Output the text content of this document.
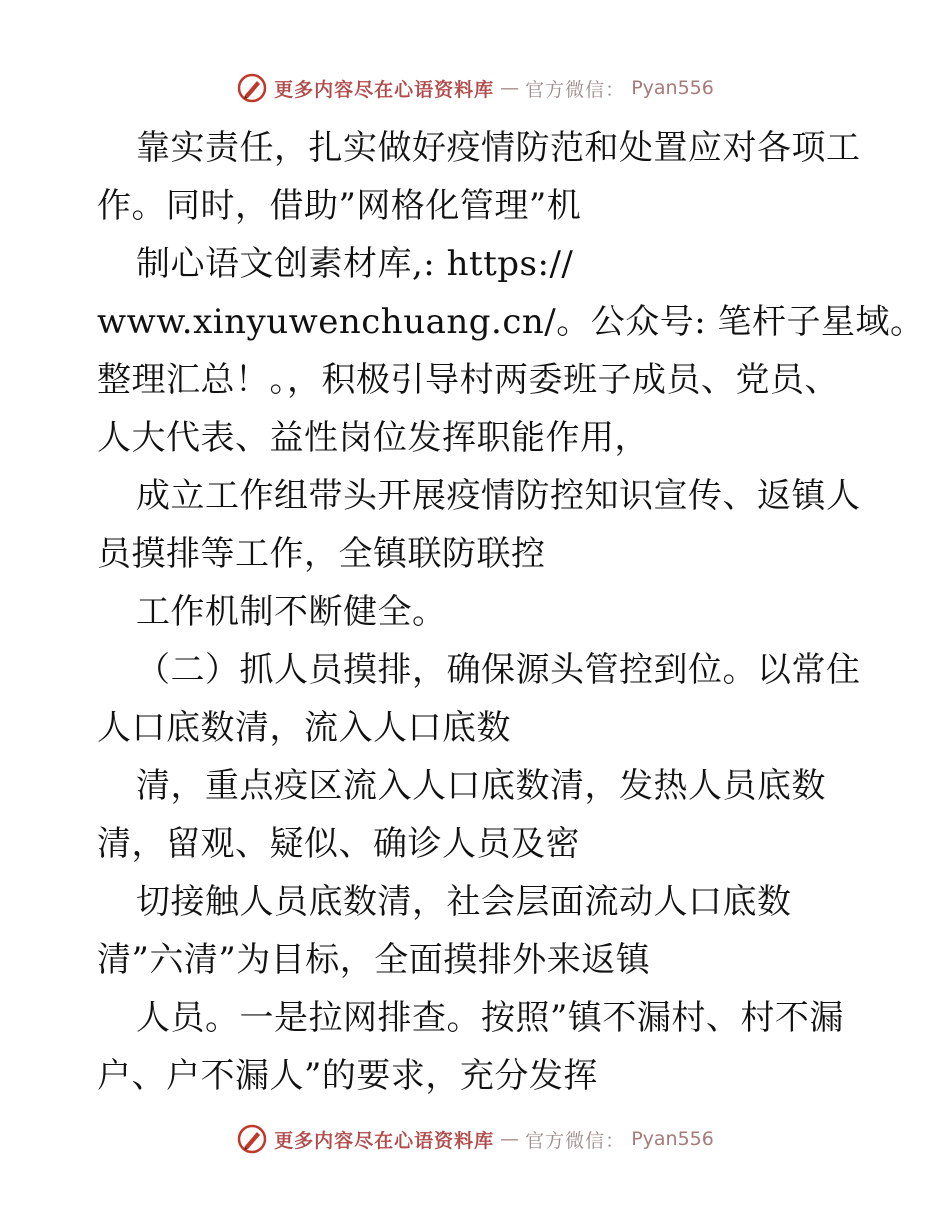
更多内容尽在心语资料库 — 官方微信： Pyan556
靠实责任，扎实做好疫情防范和处置应对各项工
作。同时，借助”网格化管理”机
制心语文创素材库,: https://
www.xinyuwenchuang.cn/。公众号: 笔杆子星域。
整理汇总！。，积极引导村两委班子成员、党员、
人大代表、益性岗位发挥职能作用，
成立工作组带头开展疫情防控知识宣传、返镇人
员摸排等工作，全镇联防联控
工作机制不断健全。
（二）抓人员摸排，确保源头管控到位。以常住
人口底数清，流入人口底数
清，重点疫区流入人口底数清，发热人员底数
清，留观、疑似、确诊人员及密
切接触人员底数清，社会层面流动人口底数
清”六清”为目标，全面摸排外来返镇
人员。一是拉网排查。按照”镇不漏村、村不漏
户、户不漏人”的要求，充分发挥
更多内容尽在心语资料库 — 官方微信： Pyan556
